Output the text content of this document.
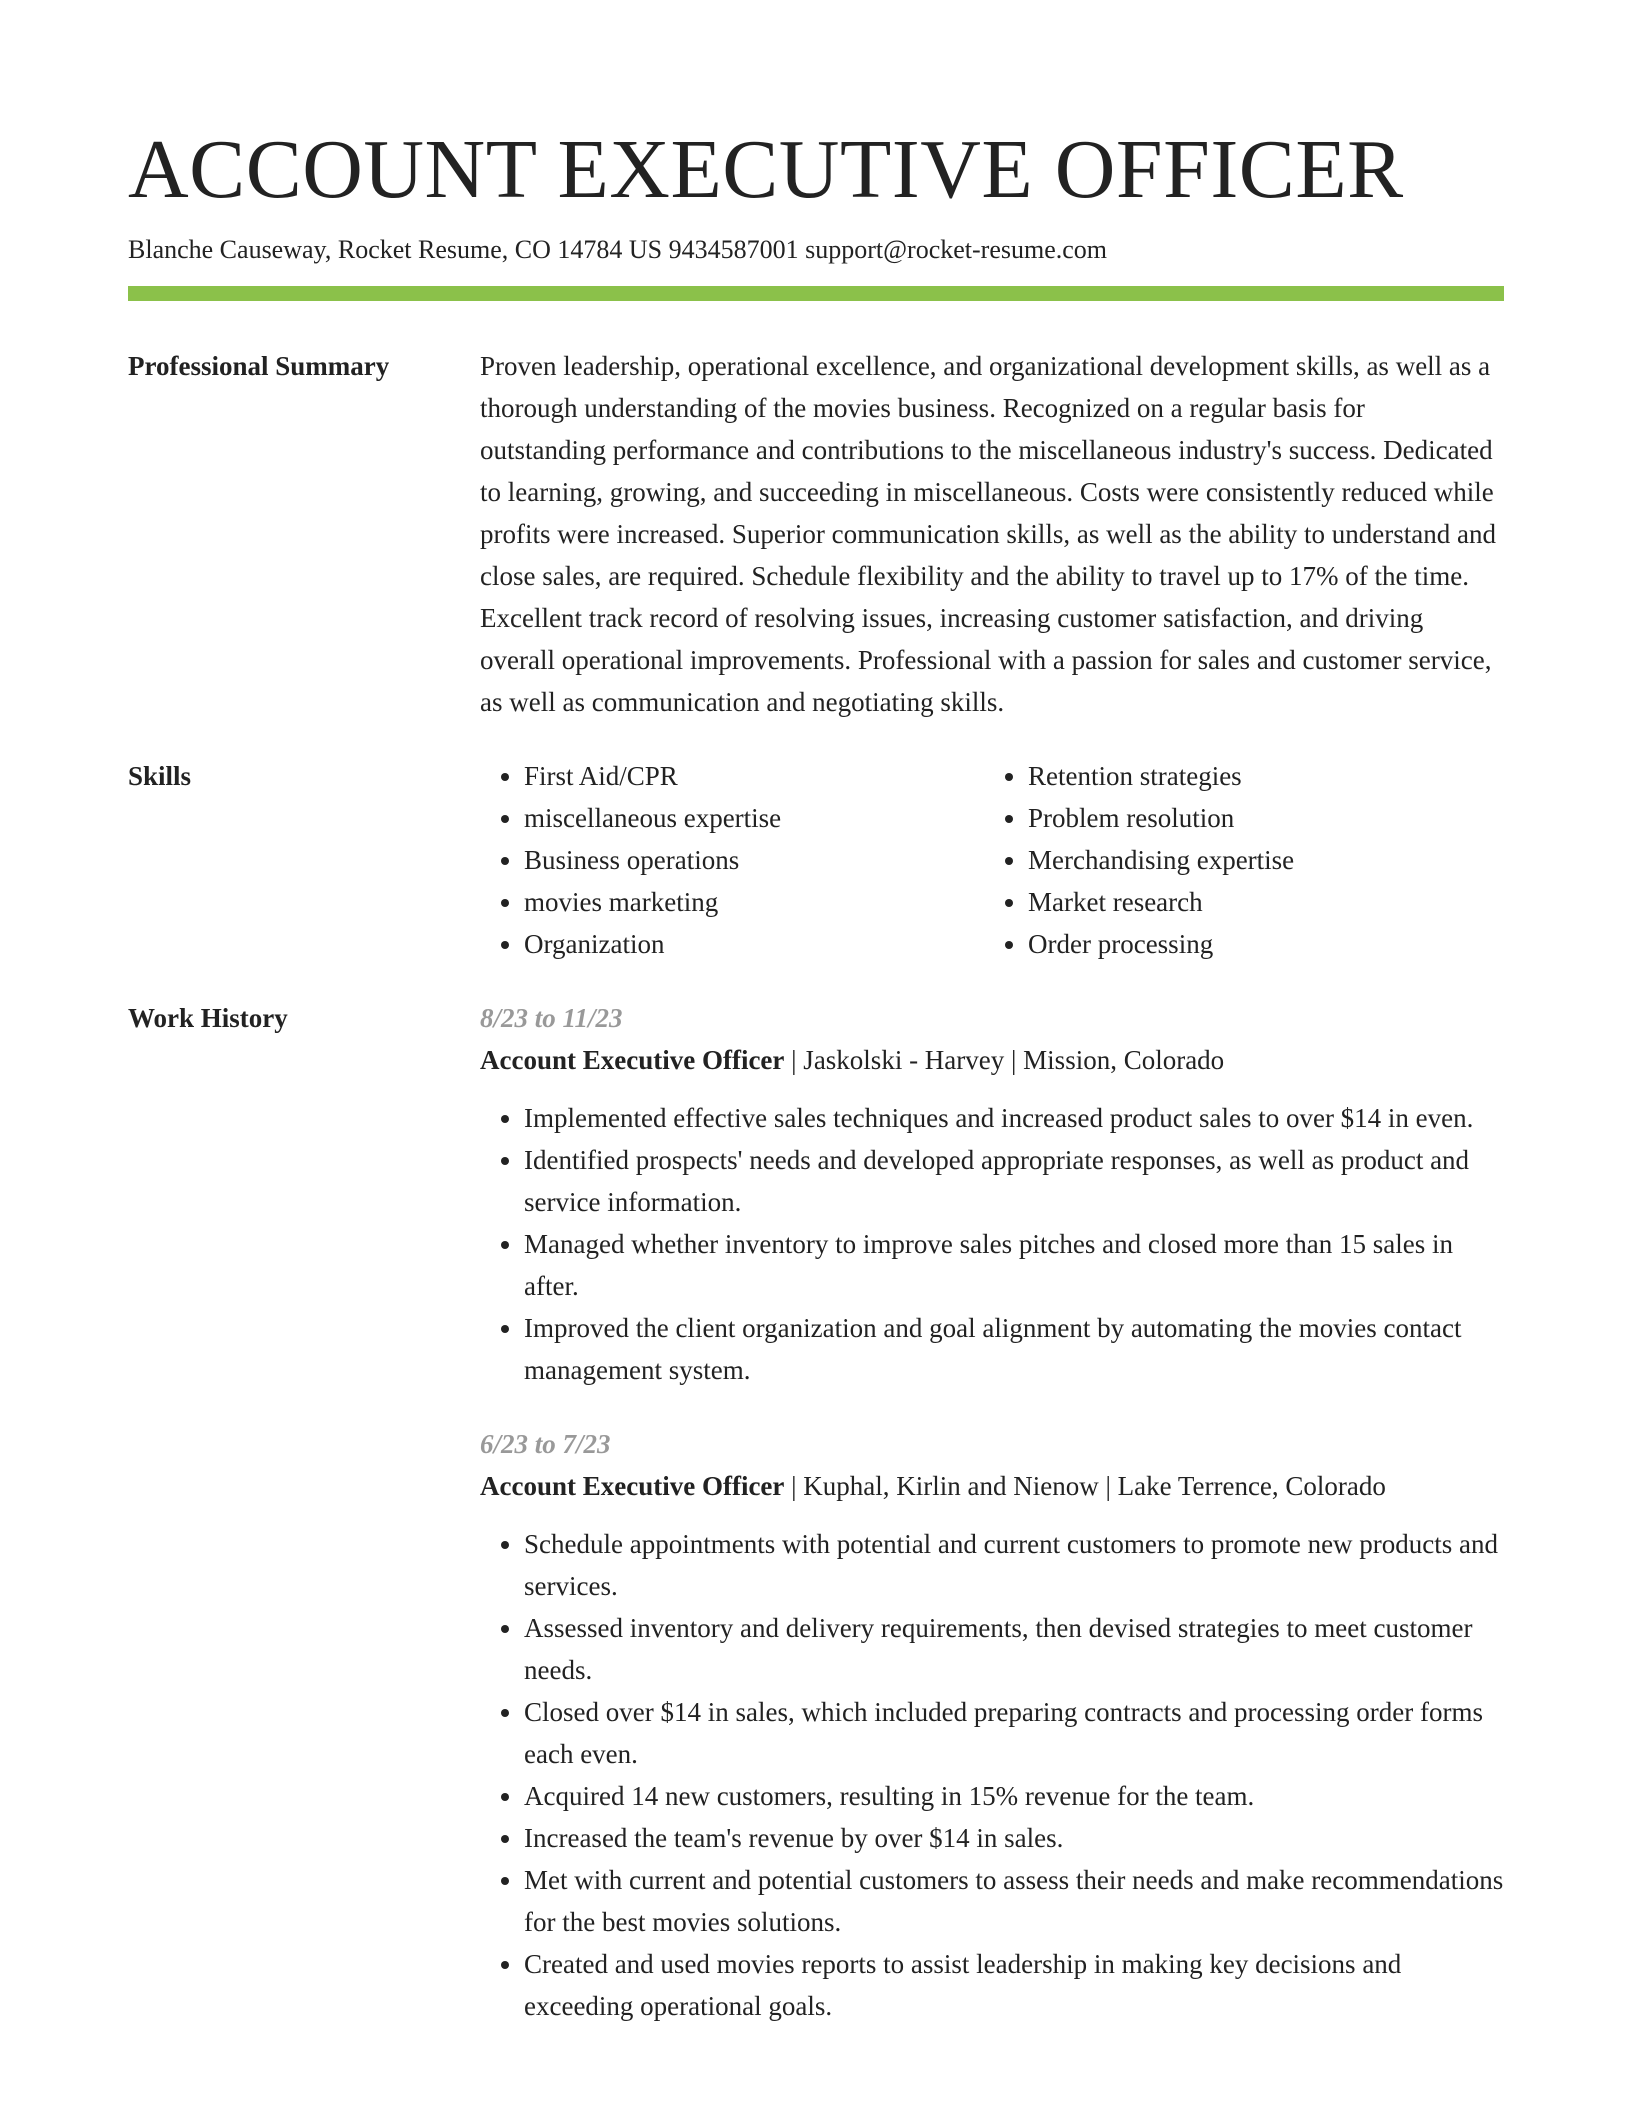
ACCOUNT EXECUTIVE OFFICER
Blanche Causeway, Rocket Resume, CO 14784 US 9434587001 support@rocket-resume.com
Professional Summary	Proven leadership, operational excellence, and organizational development skills, as well as a thorough understanding of the movies business. Recognized on a regular basis for outstanding performance and contributions to the miscellaneous industry's success. Dedicated to learning, growing, and succeeding in miscellaneous. Costs were consistently reduced while profits were increased. Superior communication skills, as well as the ability to understand and close sales, are required. Schedule flexibility and the ability to travel up to 17% of the time. Excellent track record of resolving issues, increasing customer satisfaction, and driving overall operational improvements. Professional with a passion for sales and customer service, as well as communication and negotiating skills.

Skills
•	First Aid/CPR
• miscellaneous expertise
• Business operations
• movies marketing
• Organization
• Retention strategies
• Problem resolution
• Merchandising expertise
• Market research
• Order processing
Work History	8/23 to 11/23
Account Executive Officer | Jaskolski - Harvey | Mission, Colorado
• Implemented effective sales techniques and increased product sales to over $14 in even.
• Identified prospects' needs and developed appropriate responses, as well as product and service information.
• Managed whether inventory to improve sales pitches and closed more than 15 sales in after.
• Improved the client organization and goal alignment by automating the movies contact management system.
6/23 to 7/23
Account Executive Officer | Kuphal, Kirlin and Nienow | Lake Terrence, Colorado
• Schedule appointments with potential and current customers to promote new products and services.
• Assessed inventory and delivery requirements, then devised strategies to meet customer needs.
• Closed over $14 in sales, which included preparing contracts and processing order forms each even.
• Acquired 14 new customers, resulting in 15% revenue for the team.
• Increased the team's revenue by over $14 in sales.
• Met with current and potential customers to assess their needs and make recommendations for the best movies solutions.
• Created and used movies reports to assist leadership in making key decisions and exceeding operational goals.
